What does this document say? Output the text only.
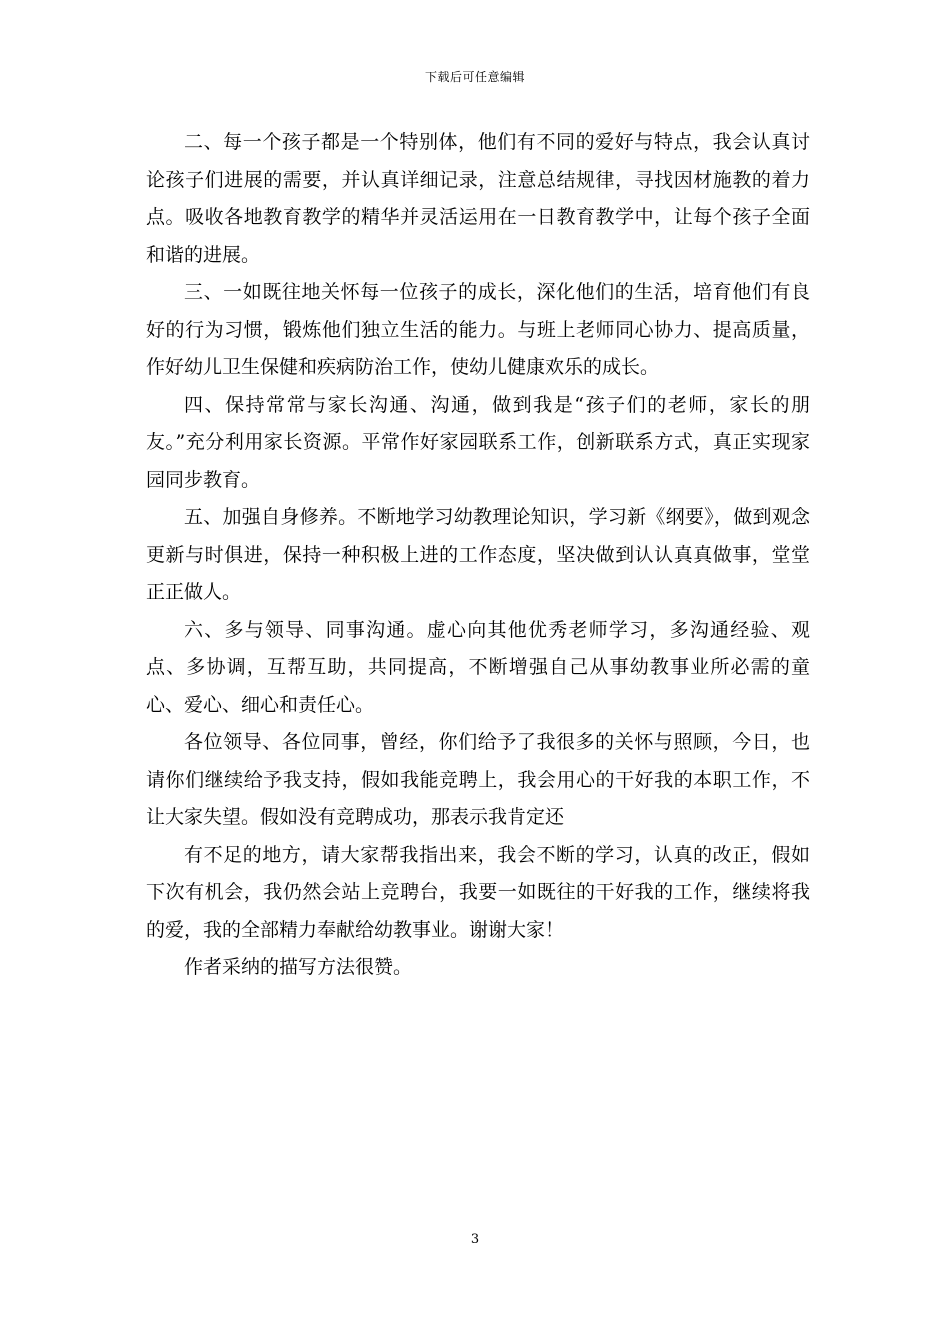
下载后可任意编辑

二、每一个孩子都是一个特别体，他们有不同的爱好与特点，我会认真讨论孩子们进展的需要，并认真详细记录，注意总结规律，寻找因材施教的着力点。吸收各地教育教学的精华并灵活运用在一日教育教学中，让每个孩子全面和谐的进展。

三、一如既往地关怀每一位孩子的成长，深化他们的生活，培育他们有良好的行为习惯，锻炼他们独立生活的能力。与班上老师同心协力、提高质量，作好幼儿卫生保健和疾病防治工作，使幼儿健康欢乐的成长。

四、保持常常与家长沟通、沟通，做到我是“孩子们的老师，家长的朋友。”充分利用家长资源。平常作好家园联系工作，创新联系方式，真正实现家园同步教育。

五、加强自身修养。不断地学习幼教理论知识，学习新《纲要》，做到观念更新与时俱进，保持一种积极上进的工作态度，坚决做到认认真真做事，堂堂正正做人。

六、多与领导、同事沟通。虚心向其他优秀老师学习，多沟通经验、观点、多协调，互帮互助，共同提高，不断增强自己从事幼教事业所必需的童心、爱心、细心和责任心。

各位领导、各位同事，曾经，你们给予了我很多的关怀与照顾，今日，也请你们继续给予我支持，假如我能竞聘上，我会用心的干好我的本职工作，不让大家失望。假如没有竞聘成功，那表示我肯定还

有不足的地方，请大家帮我指出来，我会不断的学习，认真的改正，假如下次有机会，我仍然会站上竞聘台，我要一如既往的干好我的工作，继续将我的爱，我的全部精力奉献给幼教事业。谢谢大家！

作者采纳的描写方法很赞。

3
